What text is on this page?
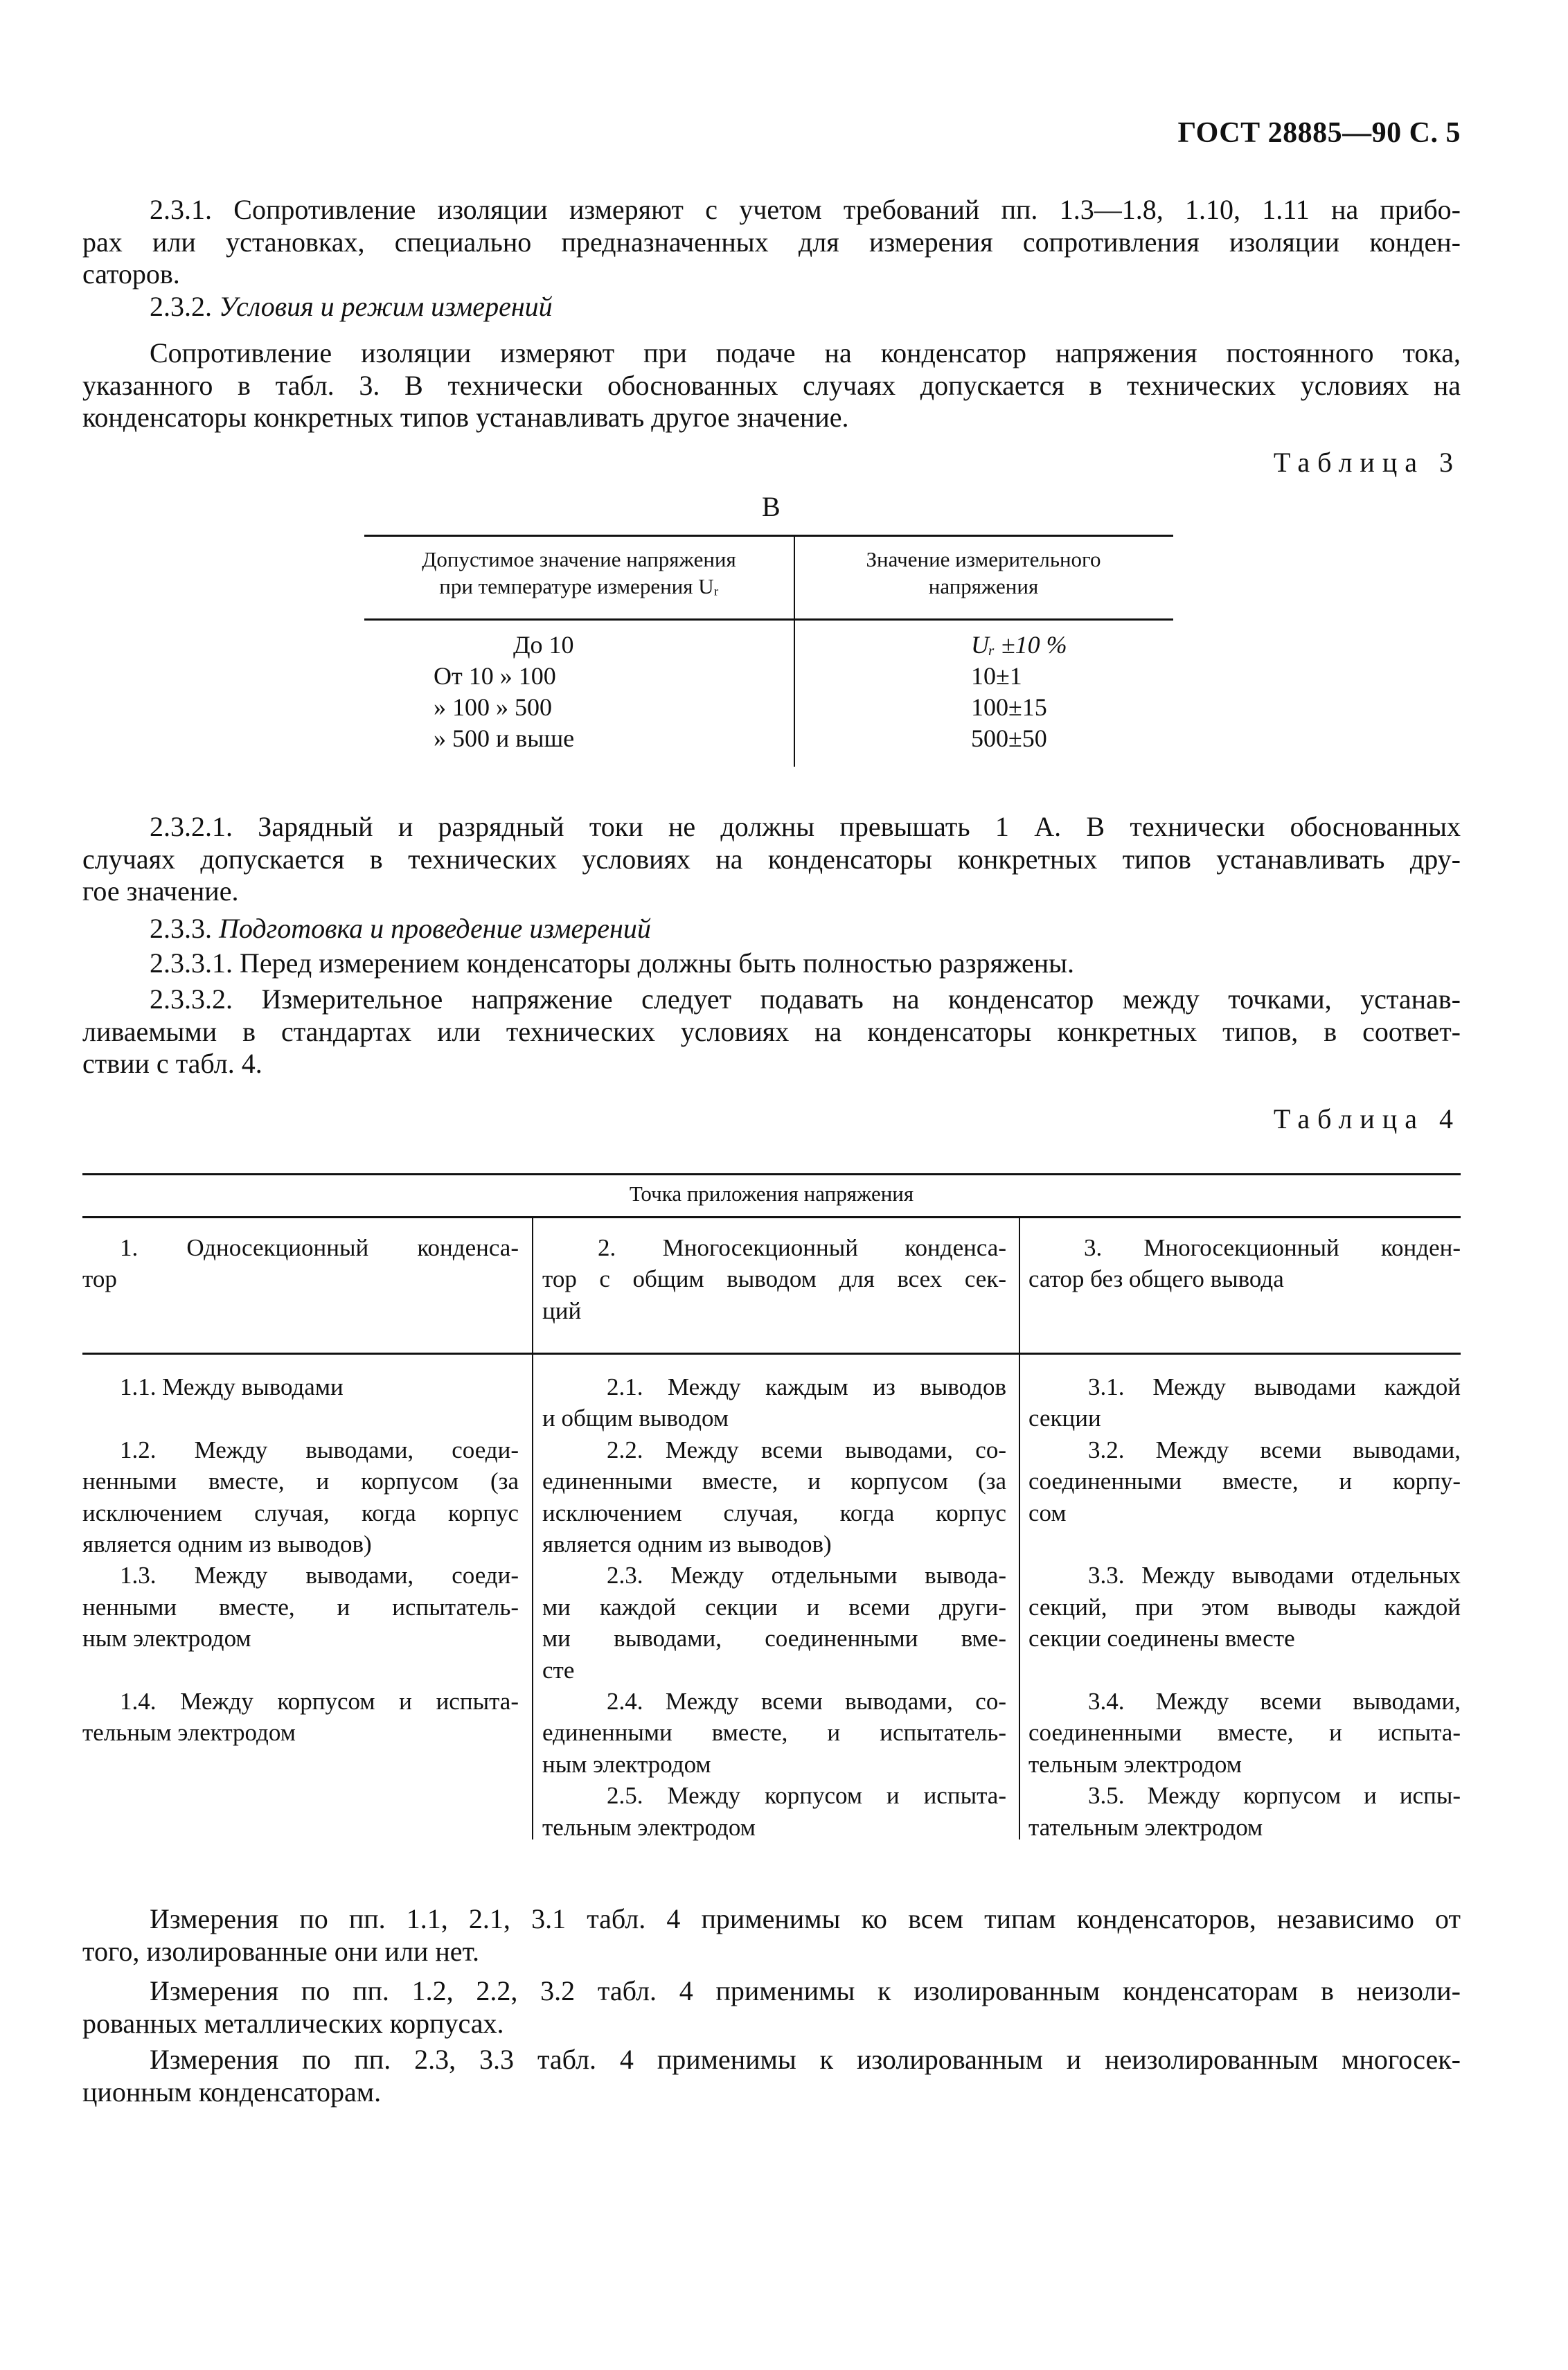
ГОСТ 28885—90 С. 5
2.3.1. Сопротивление изоляции измеряют с учетом требований пп. 1.3—1.8, 1.10, 1.11 на прибо-
рах или установках, специально предназначенных для измерения сопротивления изоляции конден-
саторов.
2.3.2. Условия и режим измерений
Сопротивление изоляции измеряют при подаче на конденсатор напряжения постоянного тока,
указанного в табл. 3. В технически обоснованных случаях допускается в технических условиях на
конденсаторы конкретных типов устанавливать другое значение.
Таблица 3
В
Допустимое значение напряжения
при температуре измерения Uᵣ
Значение измерительного
напряжения
До 10
От 10 » 100
» 100 » 500
» 500 и выше
Uᵣ ±10 %
10±1
100±15
500±50
2.3.2.1. Зарядный и разрядный токи не должны превышать 1 А. В технически обоснованных
случаях допускается в технических условиях на конденсаторы конкретных типов устанавливать дру-
гое значение.
2.3.3. Подготовка и проведение измерений
2.3.3.1. Перед измерением конденсаторы должны быть полностью разряжены.
2.3.3.2. Измерительное напряжение следует подавать на конденсатор между точками, устанав-
ливаемыми в стандартах или технических условиях на конденсаторы конкретных типов, в соответ-
ствии с табл. 4.
Таблица 4
Точка приложения напряжения
1. Односекционный конденса-
тор
2. Многосекционный конденса-
тор с общим выводом для всех сек-
ций
3. Многосекционный конден-
сатор без общего вывода
1.1. Между выводами
1.2. Между выводами, соеди-
ненными вместе, и корпусом (за
исключением случая, когда корпус
является одним из выводов)
1.3. Между выводами, соеди-
ненными вместе, и испытатель-
ным электродом
1.4. Между корпусом и испыта-
тельным электродом
2.1. Между каждым из выводов
и общим выводом
2.2. Между всеми выводами, со-
единенными вместе, и корпусом (за
исключением случая, когда корпус
является одним из выводов)
2.3. Между отдельными вывода-
ми каждой секции и всеми други-
ми выводами, соединенными вме-
сте
2.4. Между всеми выводами, со-
единенными вместе, и испытатель-
ным электродом
2.5. Между корпусом и испыта-
тельным электродом
3.1. Между выводами каждой
секции
3.2. Между всеми выводами,
соединенными вместе, и корпу-
сом
3.3. Между выводами отдельных
секций, при этом выводы каждой
секции соединены вместе
3.4. Между всеми выводами,
соединенными вместе, и испыта-
тельным электродом
3.5. Между корпусом и испы-
тательным электродом
Измерения по пп. 1.1, 2.1, 3.1 табл. 4 применимы ко всем типам конденсаторов, независимо от
того, изолированные они или нет.
Измерения по пп. 1.2, 2.2, 3.2 табл. 4 применимы к изолированным конденсаторам в неизоли-
рованных металлических корпусах.
Измерения по пп. 2.3, 3.3 табл. 4 применимы к изолированным и неизолированным многосек-
ционным конденсаторам.
